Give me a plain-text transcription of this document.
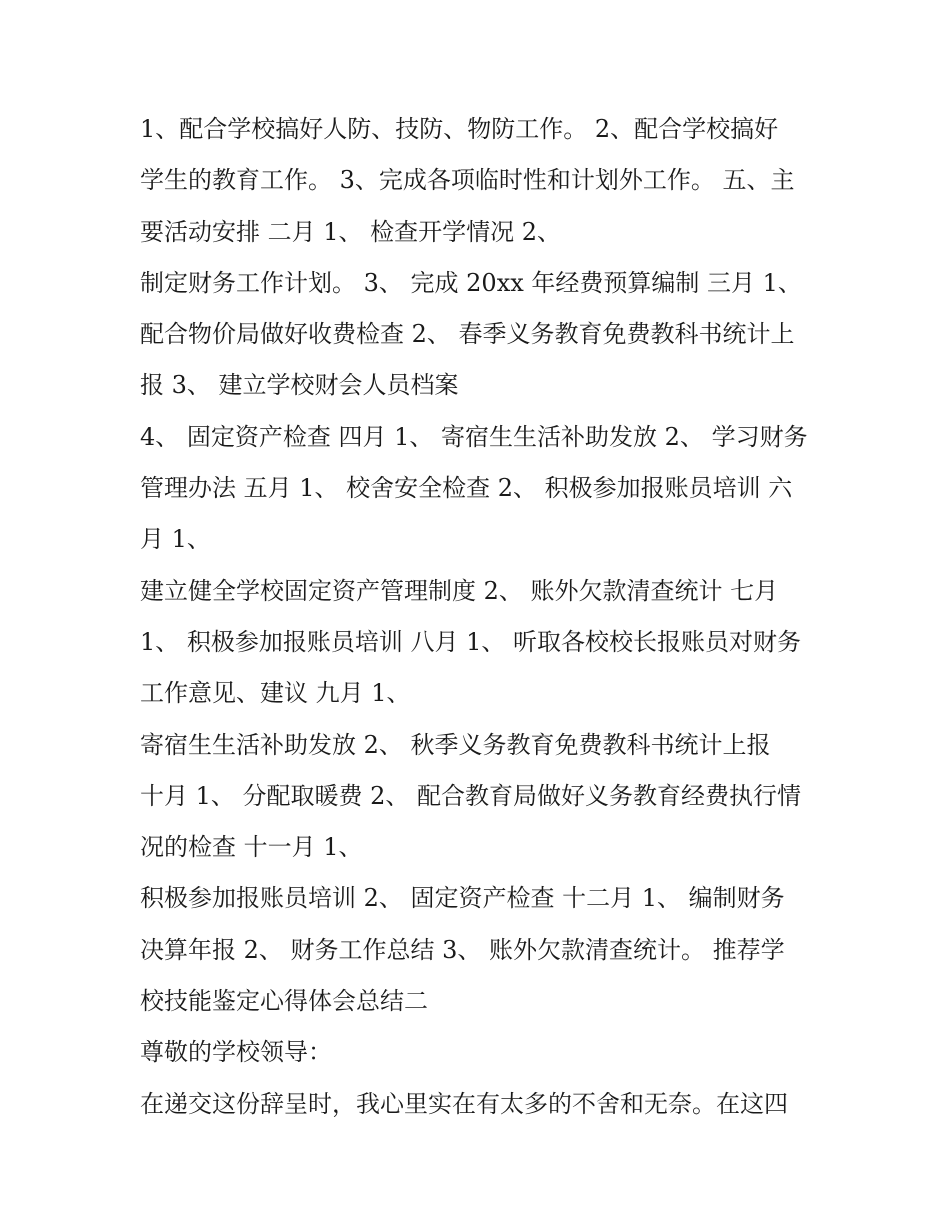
1、配合学校搞好人防、技防、物防工作。 2、配合学校搞好
学生的教育工作。 3、完成各项临时性和计划外工作。 五、主
要活动安排 二月 1、 检查开学情况 2、
制定财务工作计划。 3、 完成 20xx 年经费预算编制 三月 1、
配合物价局做好收费检查 2、 春季义务教育免费教科书统计上
报 3、 建立学校财会人员档案
4、 固定资产检查 四月 1、 寄宿生生活补助发放 2、 学习财务
管理办法 五月 1、 校舍安全检查 2、 积极参加报账员培训 六
月 1、
建立健全学校固定资产管理制度 2、 账外欠款清查统计 七月
1、 积极参加报账员培训 八月 1、 听取各校校长报账员对财务
工作意见、建议 九月 1、
寄宿生生活补助发放 2、 秋季义务教育免费教科书统计上报
十月 1、 分配取暖费 2、 配合教育局做好义务教育经费执行情
况的检查 十一月 1、
积极参加报账员培训 2、 固定资产检查 十二月 1、 编制财务
决算年报 2、 财务工作总结 3、 账外欠款清查统计。 推荐学
校技能鉴定心得体会总结二
尊敬的学校领导：
在递交这份辞呈时，我心里实在有太多的不舍和无奈。在这四
